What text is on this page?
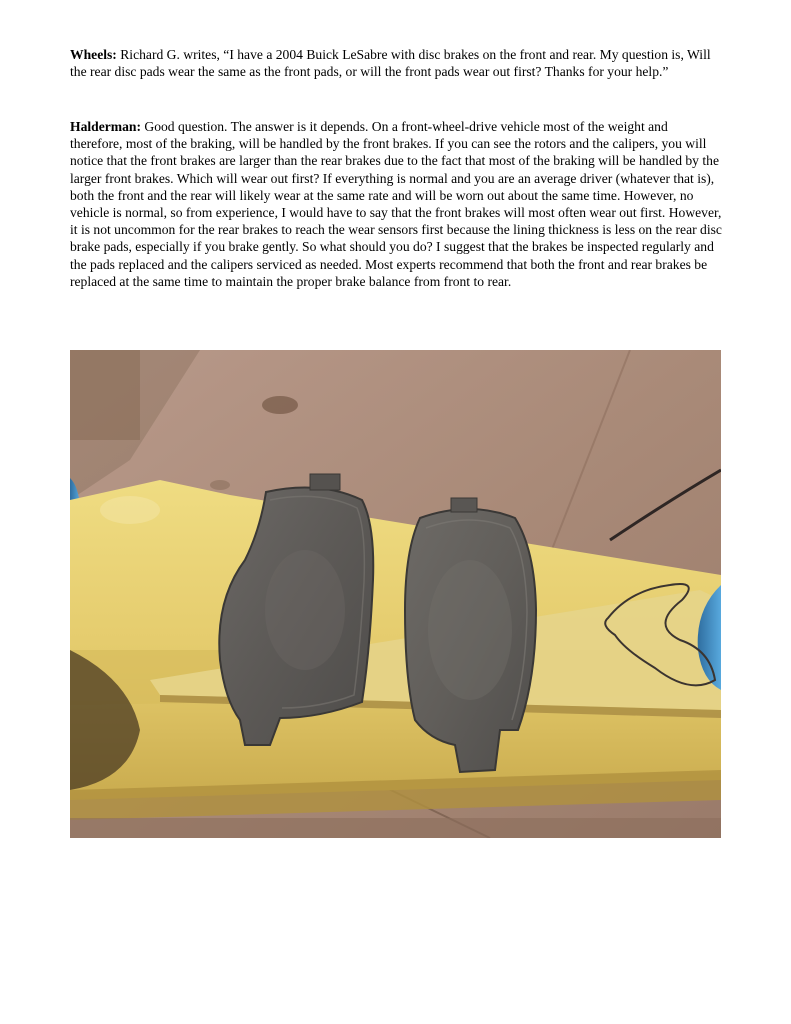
Wheels: Richard G. writes, “I have a 2004 Buick LeSabre with disc brakes on the front and rear. My question is, Will the rear disc pads wear the same as the front pads, or will the front pads wear out first? Thanks for your help.”

Halderman: Good question. The answer is it depends. On a front-wheel-drive vehicle most of the weight and therefore, most of the braking, will be handled by the front brakes. If you can see the rotors and the calipers, you will notice that the front brakes are larger than the rear brakes due to the fact that most of the braking will be handled by the larger front brakes. Which will wear out first? If everything is normal and you are an average driver (whatever that is), both the front and the rear will likely wear at the same rate and will be worn out about the same time. However, no vehicle is normal, so from experience, I would have to say that the front brakes will most often wear out first. However, it is not uncommon for the rear brakes to reach the wear sensors first because the lining thickness is less on the rear disc brake pads, especially if you brake gently. So what should you do? I suggest that the brakes be inspected regularly and the pads replaced and the calipers serviced as needed. Most experts recommend that both the front and rear brakes be replaced at the same time to maintain the proper brake balance from front to rear.
